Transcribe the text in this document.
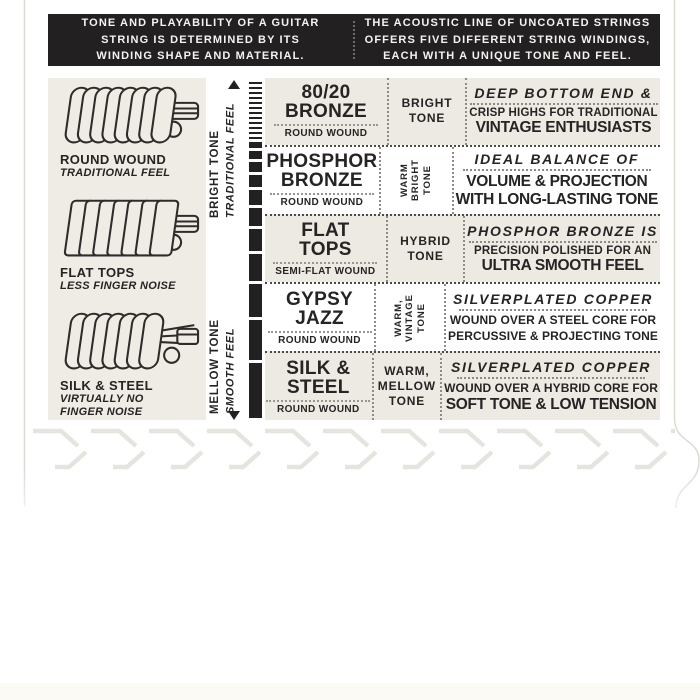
TONE AND PLAYABILITY OF A GUITAR
STRING IS DETERMINED BY ITS
WINDING SHAPE AND MATERIAL.
THE ACOUSTIC LINE OF UNCOATED STRINGS
OFFERS FIVE DIFFERENT STRING WINDINGS,
EACH WITH A UNIQUE TONE AND FEEL.
ROUND WOUND
TRADITIONAL FEEL
FLAT TOPS
LESS FINGER NOISE
SILK & STEEL
VIRTUALLY NO FINGER NOISE
BRIGHT TONE TRADITIONAL FEEL
MELLOW TONE SMOOTH FEEL
80/20
BRONZE
ROUND WOUND
BRIGHT
TONE
DEEP BOTTOM END &
CRISP HIGHS FOR TRADITIONAL
VINTAGE ENTHUSIASTS
PHOSPHOR
BRONZE
ROUND WOUND
WARM BRIGHT TONE
IDEAL BALANCE OF
VOLUME & PROJECTION
WITH LONG-LASTING TONE
FLAT
TOPS
SEMI-FLAT WOUND
HYBRID
TONE
PHOSPHOR BRONZE IS
PRECISION POLISHED FOR AN
ULTRA SMOOTH FEEL
GYPSY
JAZZ
ROUND WOUND
WARM, VINTAGE TONE
SILVERPLATED COPPER
WOUND OVER A STEEL CORE FOR
PERCUSSIVE & PROJECTING TONE
SILK &
STEEL
ROUND WOUND
WARM,
MELLOW
TONE
SILVERPLATED COPPER
WOUND OVER A HYBRID CORE FOR
SOFT TONE & LOW TENSION
